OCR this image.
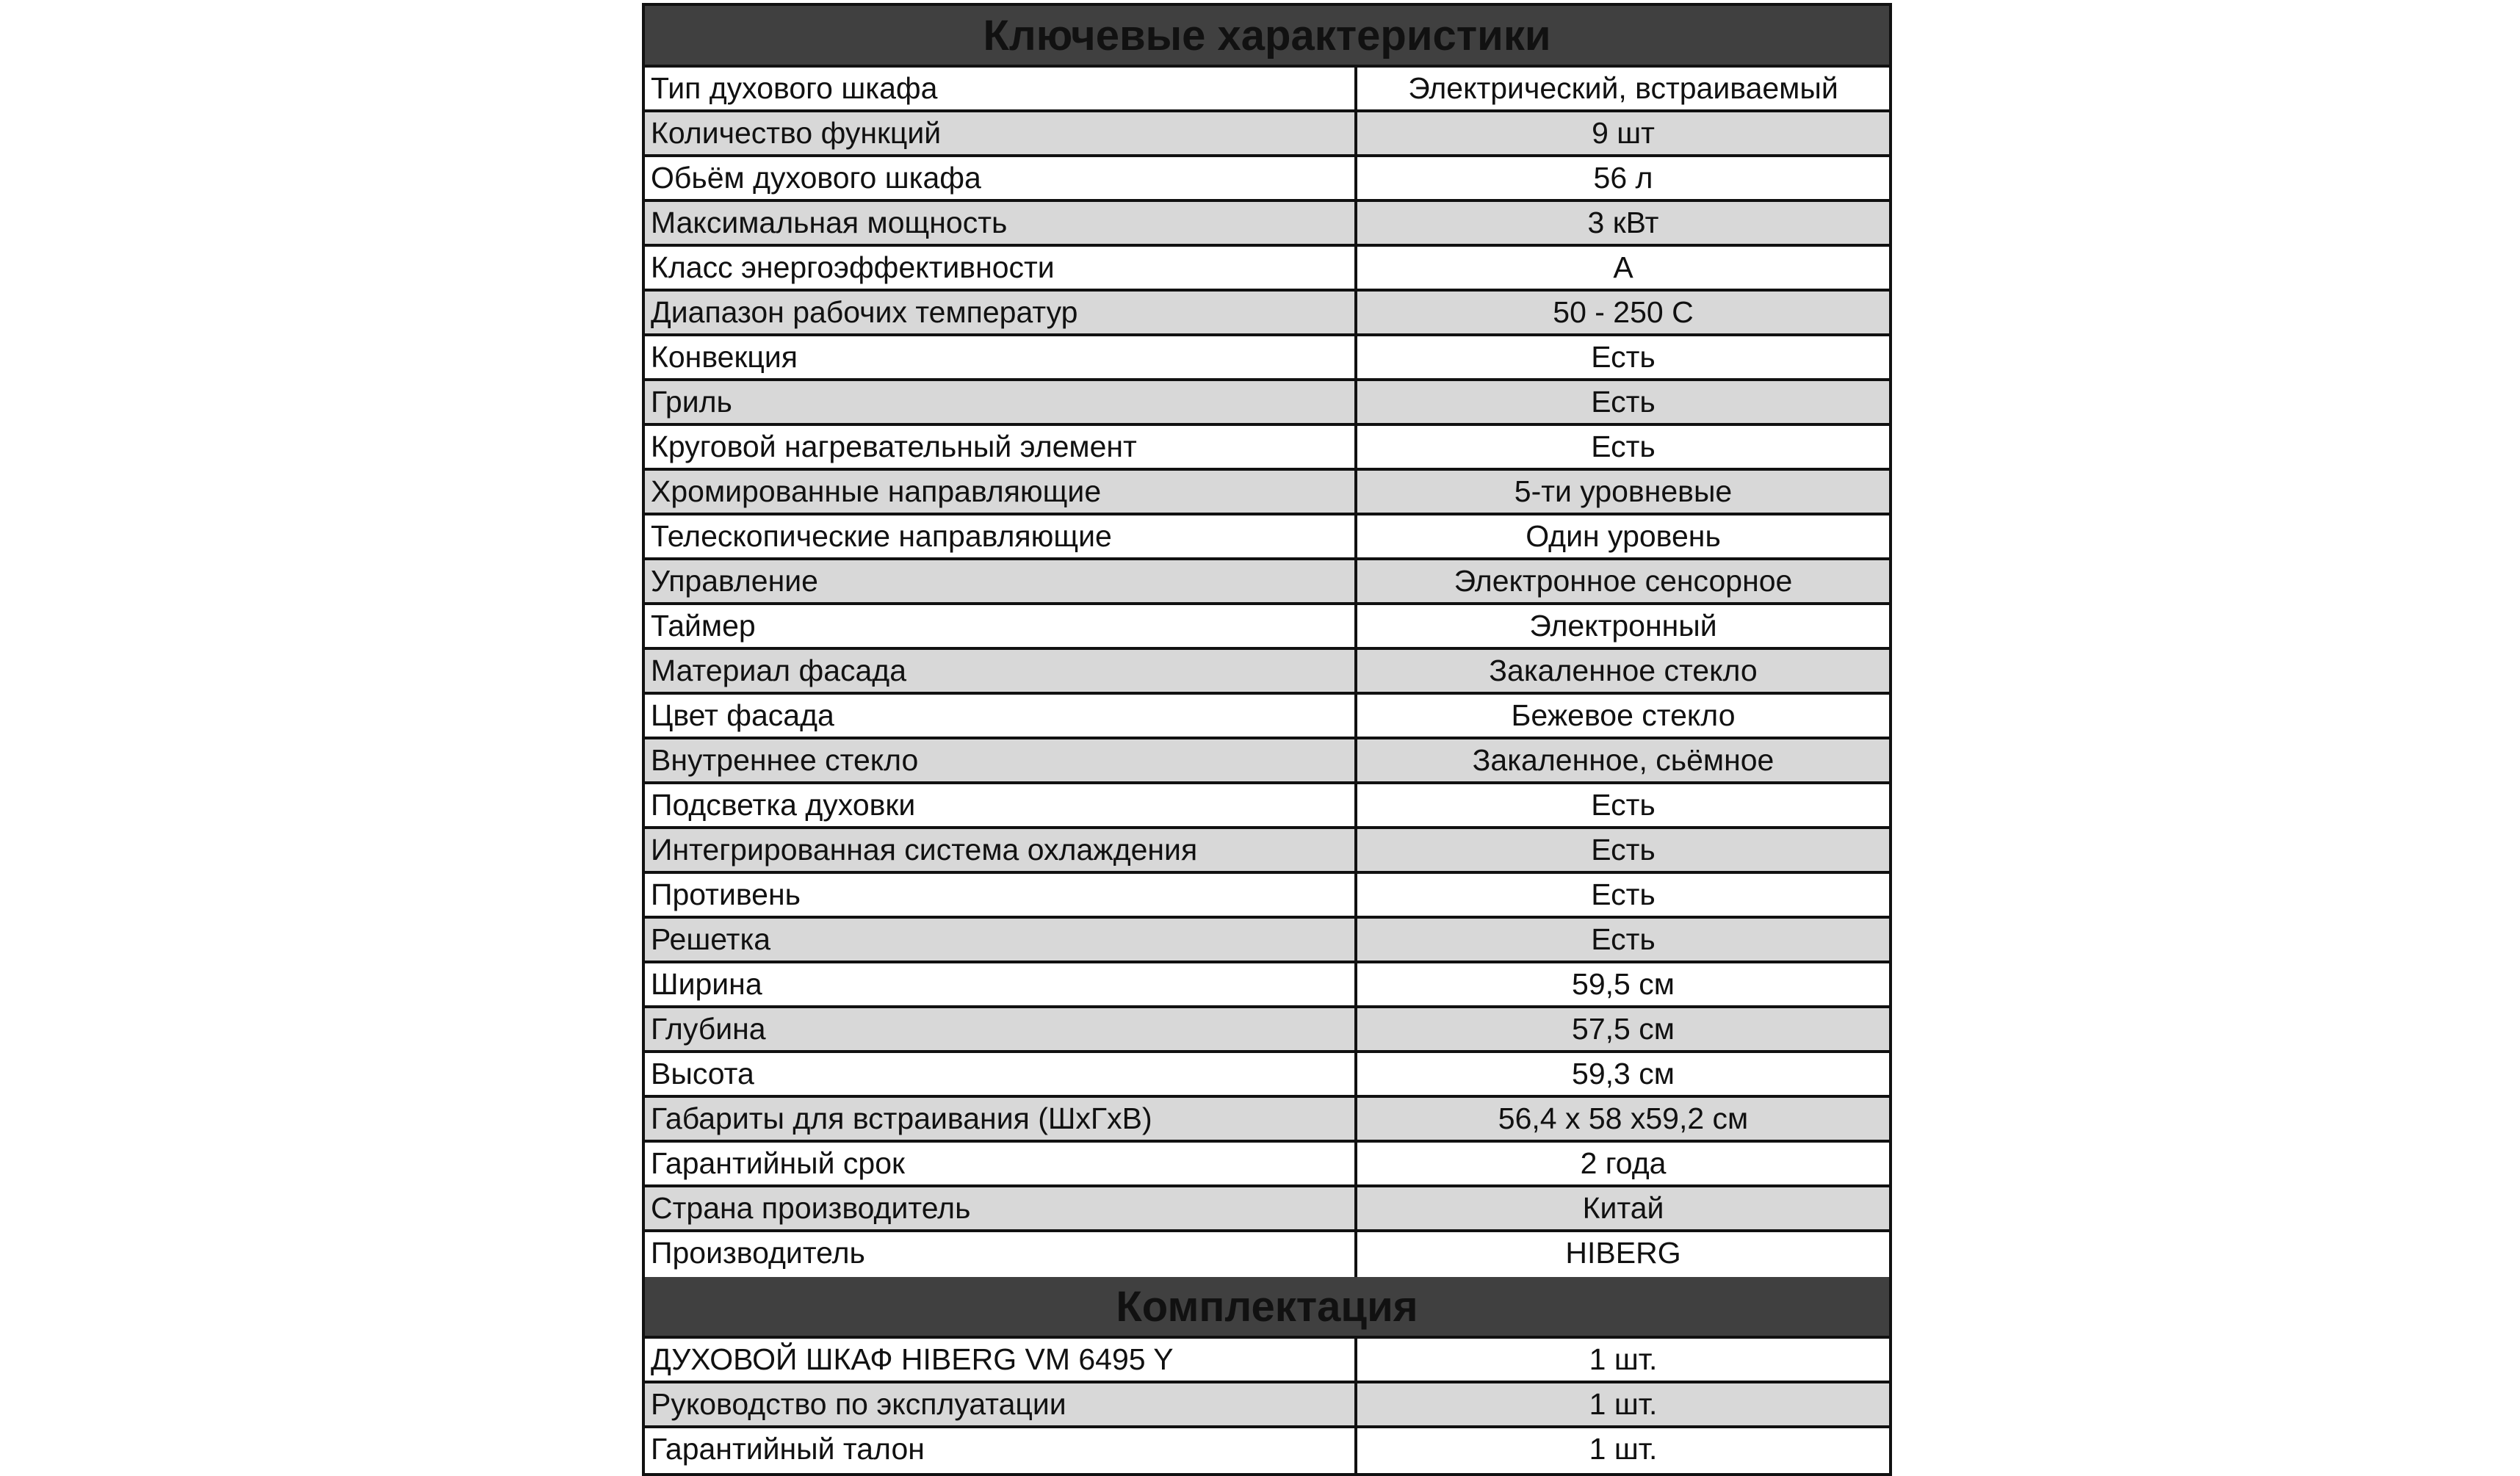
Ключевые характеристики
Тип духового шкафа	Электрический, встраиваемый
Количество функций	9 шт
Обьём духового шкафа	56 л
Максимальная мощность	3 кВт
Класс энергоэффективности	А
Диапазон рабочих температур	50 - 250 С
Конвекция	Есть
Гриль	Есть
Круговой нагревательный элемент	Есть
Хромированные направляющие	5-ти уровневые
Телескопические направляющие	Один уровень
Управление	Электронное сенсорное
Таймер	Электронный
Материал фасада	Закаленное стекло
Цвет фасада	Бежевое стекло
Внутреннее стекло	Закаленное, сьёмное
Подсветка духовки	Есть
Интегрированная система охлаждения	Есть
Противень	Есть
Решетка	Есть
Ширина	59,5 см
Глубина	57,5 см
Высота	59,3 см
Габариты для встраивания (ШхГхВ)	56,4 х 58 х59,2 см
Гарантийный срок	2 года
Страна производитель	Китай
Производитель	HIBERG
Комплектация
ДУХОВОЙ ШКАФ HIBERG VM 6495 Y	1 шт.
Руководство по эксплуатации	1 шт.
Гарантийный талон	1 шт.
